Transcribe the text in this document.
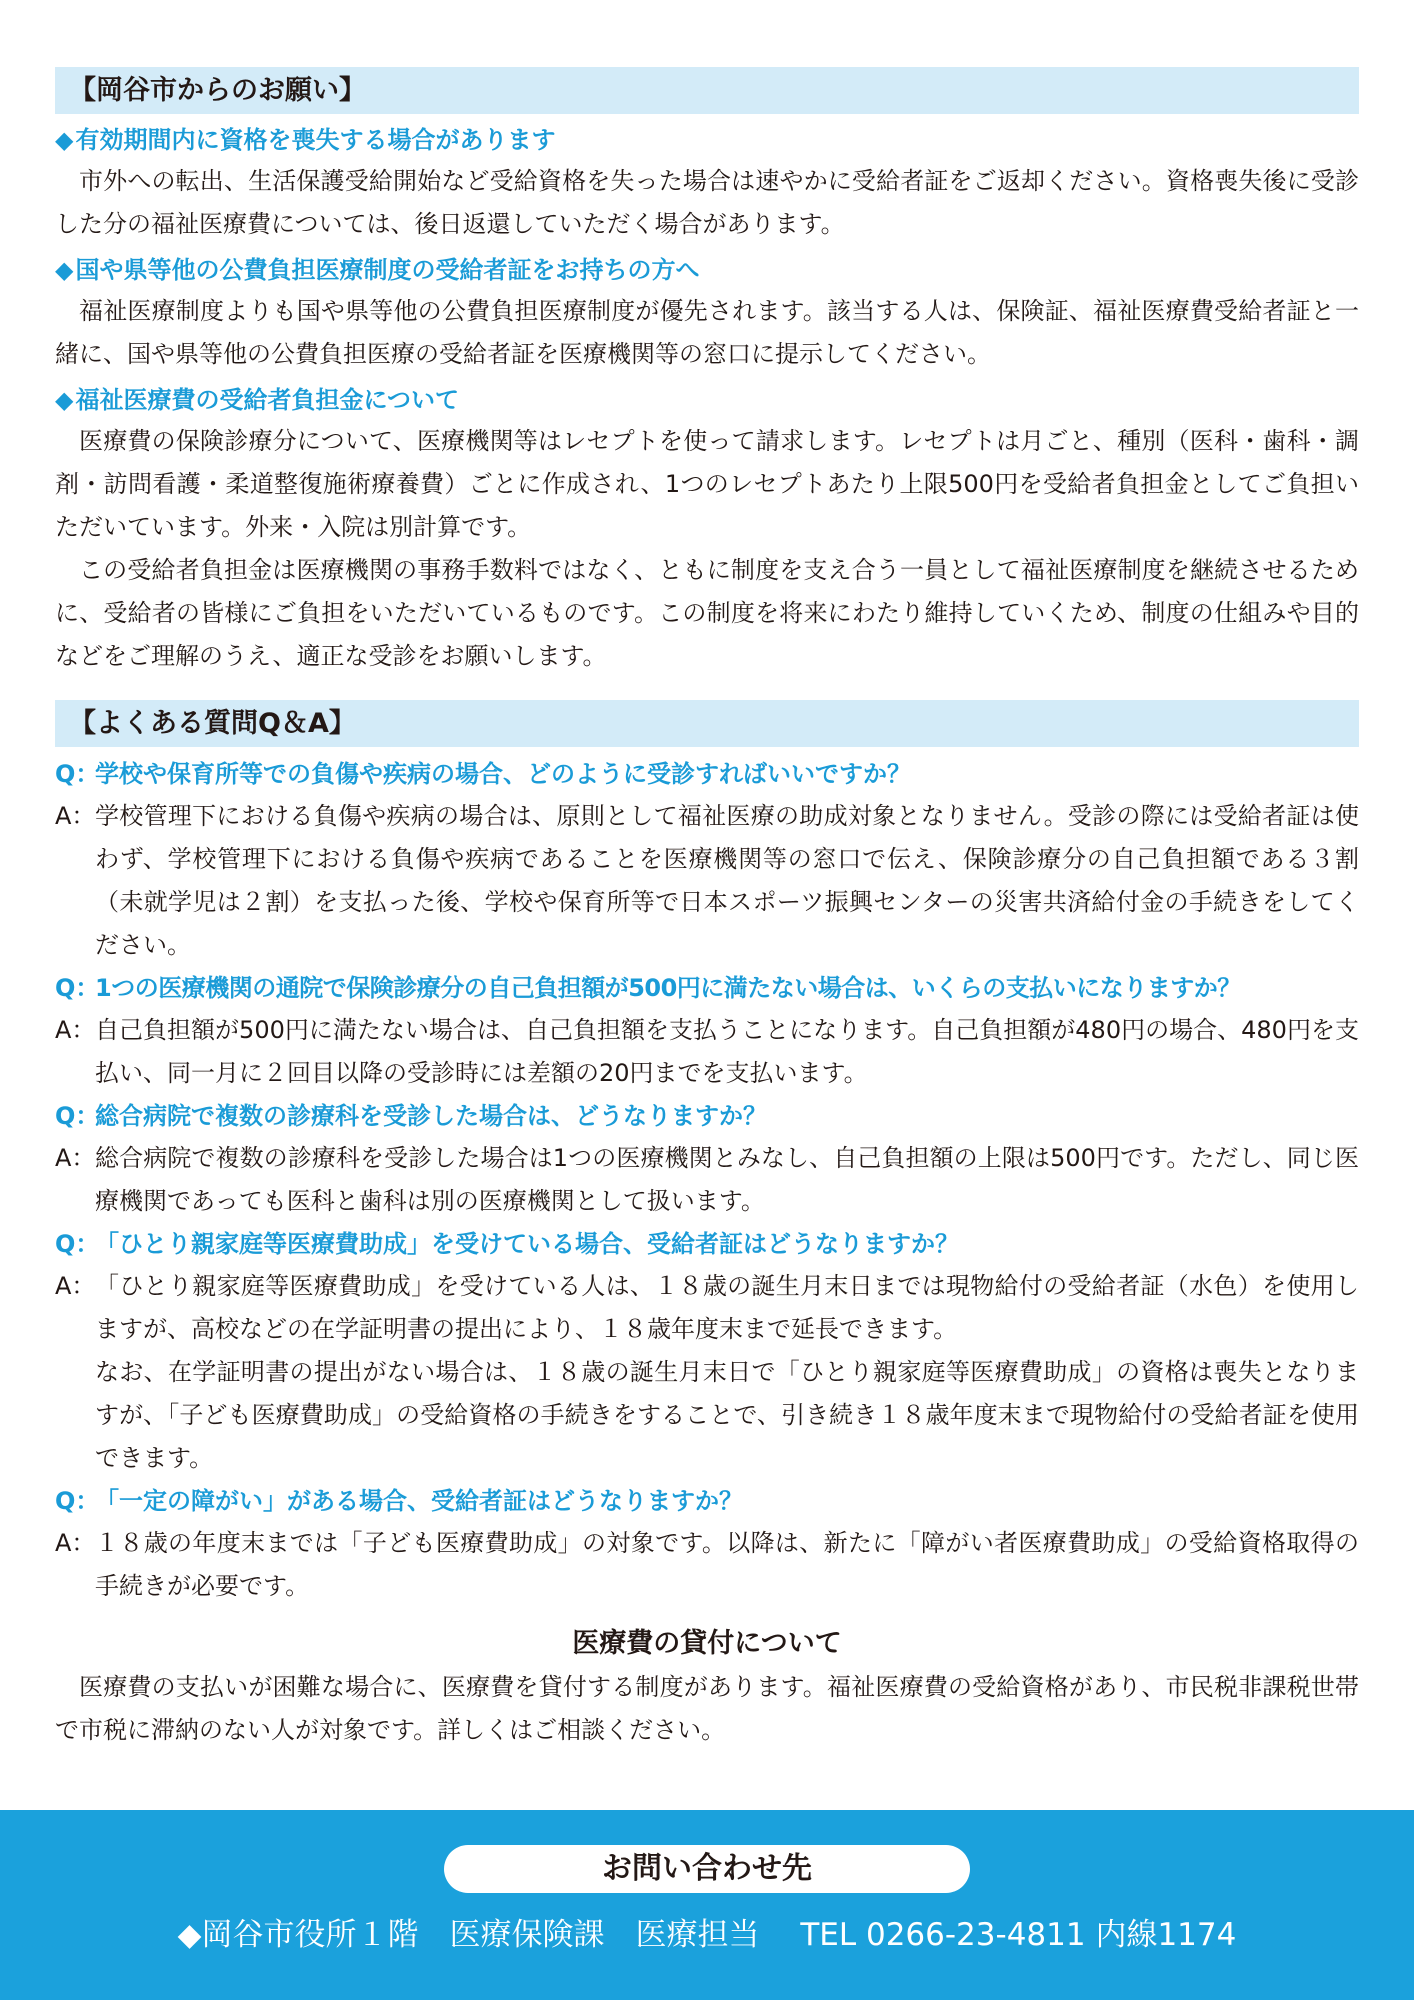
【岡谷市からのお願い】
◆有効期間内に資格を喪失する場合があります

市外への転出、生活保護受給開始など受給資格を失った場合は速やかに受給者証をご返却ください。資格喪失後に受診した分の福祉医療費については、後日返還していただく場合があります。

◆国や県等他の公費負担医療制度の受給者証をお持ちの方へ

福祉医療制度よりも国や県等他の公費負担医療制度が優先されます。該当する人は、保険証、福祉医療費受給者証と一緒に、国や県等他の公費負担医療の受給者証を医療機関等の窓口に提示してください。

◆福祉医療費の受給者負担金について

医療費の保険診療分について、医療機関等はレセプトを使って請求します。レセプトは月ごと、種別（医科・歯科・調剤・訪問看護・柔道整復施術療養費）ごとに作成され、1つのレセプトあたり上限500円を受給者負担金としてご負担いただいています。外来・入院は別計算です。

この受給者負担金は医療機関の事務手数料ではなく、ともに制度を支え合う一員として福祉医療制度を継続させるために、受給者の皆様にご負担をいただいているものです。この制度を将来にわたり維持していくため、制度の仕組みや目的などをご理解のうえ、適正な受診をお願いします。

【よくある質問Q＆A】
Q：
学校や保育所等での負傷や疾病の場合、どのように受診すればいいですか？
A： 学校管理下における負傷や疾病の場合は、原則として福祉医療の助成対象となりません。受診の際には受給者証は使わず、学校管理下における負傷や疾病であることを医療機関等の窓口で伝え、保険診療分の自己負担額である３割（未就学児は２割）を支払った後、学校や保育所等で日本スポーツ振興センターの災害共済給付金の手続きをしてください。

Q：
1つの医療機関の通院で保険診療分の自己負担額が500円に満たない場合は、いくらの支払いになりますか？
A： 自己負担額が500円に満たない場合は、自己負担額を支払うことになります。自己負担額が480円の場合、480円を支払い、同一月に２回目以降の受診時には差額の20円までを支払います。

Q：
総合病院で複数の診療科を受診した場合は、どうなりますか？
A： 総合病院で複数の診療科を受診した場合は1つの医療機関とみなし、自己負担額の上限は500円です。ただし、同じ医療機関であっても医科と歯科は別の医療機関として扱います。

Q：
「ひとり親家庭等医療費助成」を受けている場合、受給者証はどうなりますか？
A： 「ひとり親家庭等医療費助成」を受けている人は、１８歳の誕生月末日までは現物給付の受給者証（水色）を使用しますが、高校などの在学証明書の提出により、１８歳年度末まで延長できます。

なお、在学証明書の提出がない場合は、１８歳の誕生月末日で「ひとり親家庭等医療費助成」の資格は喪失となりますが、「子ども医療費助成」の受給資格の手続きをすることで、引き続き１８歳年度末まで現物給付の受給者証を使用できます。

Q：
「一定の障がい」がある場合、受給者証はどうなりますか？
A： １８歳の年度末までは「子ども医療費助成」の対象です。以降は、新たに「障がい者医療費助成」の受給資格取得の手続きが必要です。

医療費の貸付について

医療費の支払いが困難な場合に、医療費を貸付する制度があります。福祉医療費の受給資格があり、市民税非課税世帯で市税に滞納のない人が対象です。詳しくはご相談ください。

お問い合わせ先
◆岡谷市役所１階　医療保険課　医療担当　 TEL 0266-23-4811 内線1174
